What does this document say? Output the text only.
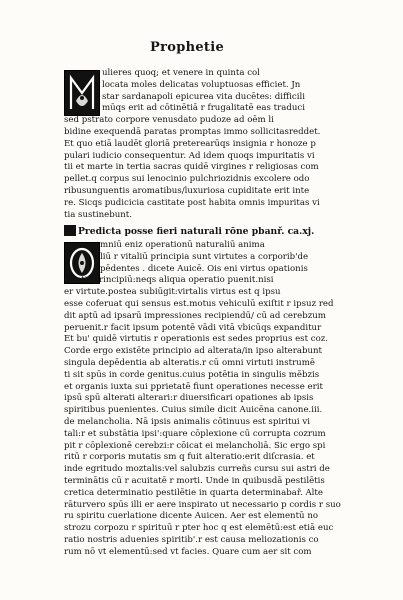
Prophetie
ulieres quoq; et venere in quinta col
locata moles delicatas voluptuosas efficiet. Jn
star sardanapoli epicurea vita ducētes: difficili
mūqs erit ad cōtinētiā r frugalitatē eas traduci
sed pstrato corpore venusdato pudoze ad oēm li
bidine exequendā paratas promptas immo sollicitasreddet.
Et quo etiā laudēt gloriā preterearūqs insignia r honoze p
pulari iudicio consequentur. Ad idem quoqs impuritatis vi
tii et marte in tertia sacras quidē virgines r religiosas com
pellet.q corpus sui lenocinio pulchriozidnis excolere odo
ribusunguentis aromatibus/luxuriosa cupiditate erit inte
re. Sicqs pudicicia castitate post habita omnis impuritas vi
tia sustinebunt.
Predicta posse fieri naturali rōne pbanř. ca.xj.
mniū eniz operationū naturaliū anima
liū r vitaliū principia sunt virtutes a corporib'de
pēdentes . dicete Auicē. Ois eni virtus opationis
existit principiū:neqs aliqua operatio puenit.nisi
er virtute.postea subiūgit:virtalis virtus est q ipsu
esse coferuat qui sensus est.motus vehiculū exiſtit r ipsuz red
dit aptū ad ipsarū impressiones recipiendū/ cū ad cerebzum
peruenit.r facit ipsum potentē vādi vitā vbicūqs expanditur
Et bu' quidē virtutis r operationis est sedes proprius est coz.
Corde ergo existēte principio ad alterata/in ipso alterabunt
singula depēdentia ab alteratis.r cū omni virtuti instrumē
ti sit spūs in corde genitus.cuius potētia in singulis mēbzis
et organis iuxta sui pprietatē fiunt operationes necesse erit
ipsū spū alterati alterari:r diuersificari opationes ab ipsis
spiritibus puenientes. Cuius simile dicit Auicēna canone.iii.
de melancholia. Nā ipsis animalis cōtinuus est spiritui vi
tali:r et substātia ipsi':quare cōplexione cū corrupta cozrum
pit r cōplexionē cerebzi:r cōicat ei melancholiā. Sic ergo spi
ritū r corporis mutatis sm q fuit alteratio:erit diſcrasia. et
inde egritudo moztalis:vel salubzis curreñs cursu sui astri de
terminātis cū r acuitatē r morti. Unde in quibusdā pestilētis
cretica determinatio pestilētie in quarta determinabař. Alte
rāturvero spūs illi er aere inspirato ut necessario p cordis r suo
ru spiritu cuerlatione dicente Auicen. Aer est elementū no
strozu corpozu r spirituū r pter hoc q est elemētū:est etiā euc
ratio nostris aduenies spiritib'.r est causa meliozationis co
rum nō vt elementū:sed vt facies. Quare cum aer sit com
